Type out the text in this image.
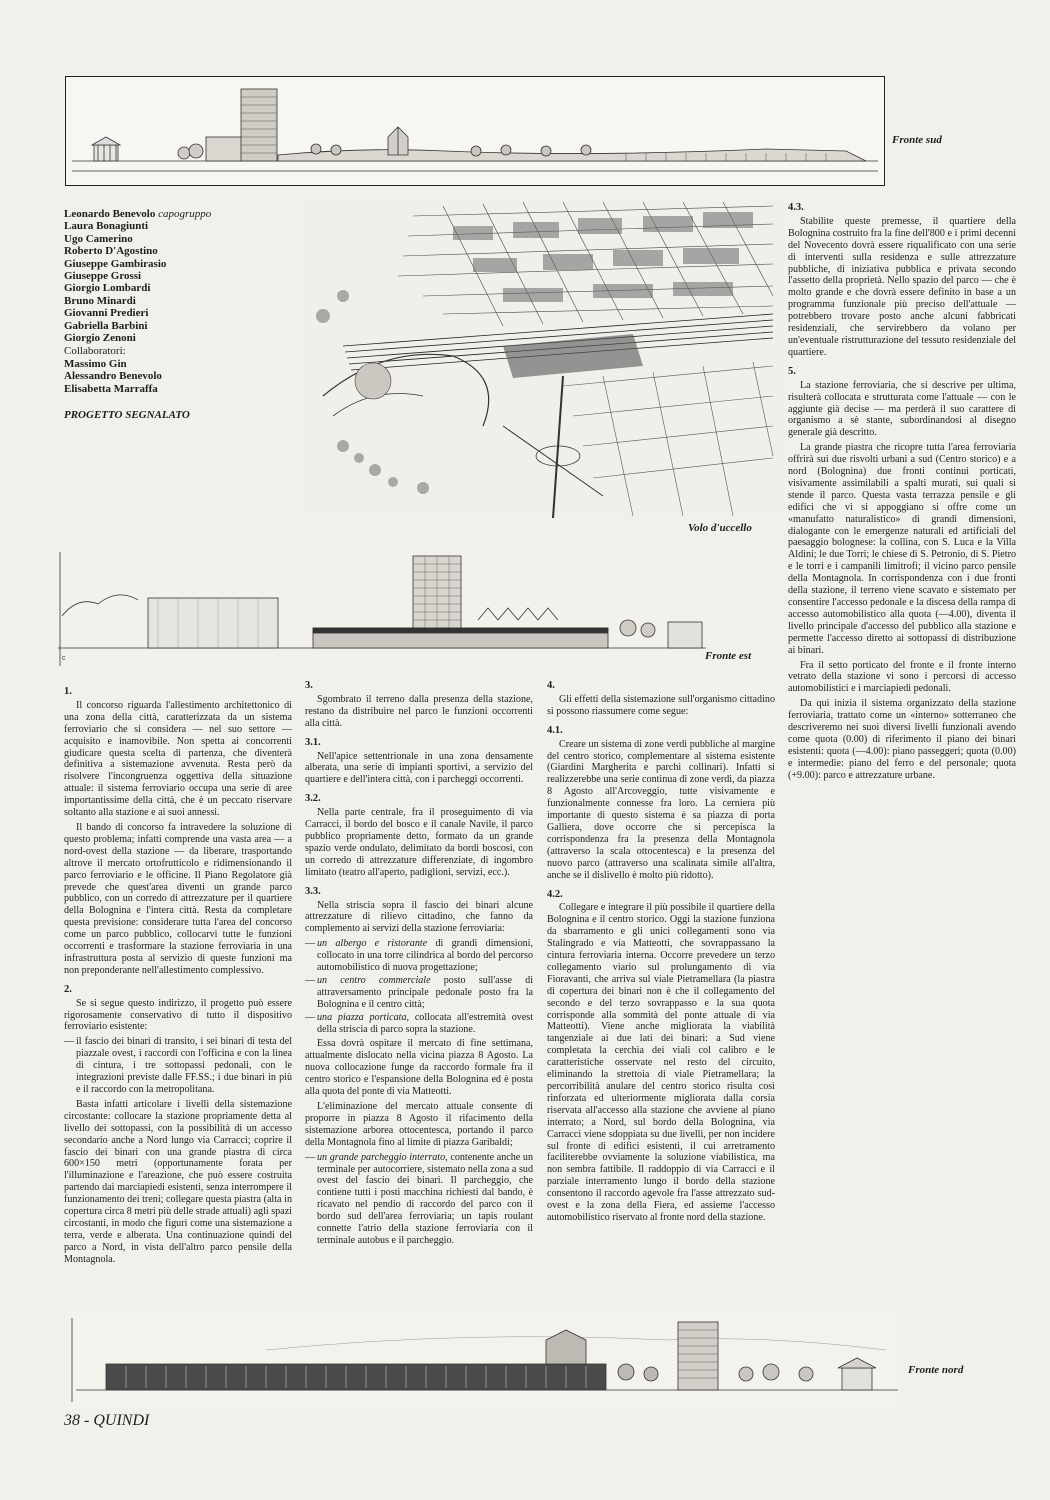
Fronte sud
Leonardo Benevolo capogruppo
Laura Bonagiunti
Ugo Camerino
Roberto D'Agostino
Giuseppe Gambirasio
Giuseppe Grossi
Giorgio Lombardi
Bruno Minardi
Giovanni Predieri
Gabriella Barbini
Giorgio Zenoni
Collaboratori:
Massimo Gin
Alessandro Benevolo
Elisabetta Marraffa
PROGETTO SEGNALATO
Volo d'uccello
c	Fronte est
1.

Il concorso riguarda l'allestimento architettonico di una zona della città, caratterizzata da un sistema ferroviario che si considera — nel suo settore — acquisito e inamovibile. Non spetta ai concorrenti giudicare questa scelta di partenza, che diventerà definitiva a sistemazione avvenuta. Resta però da risolvere l'incongruenza oggettiva della situazione attuale: il sistema ferroviario occupa una serie di aree importantissime della città, che è un peccato riservare soltanto alla stazione e ai suoi annessi.

Il bando di concorso fa intravedere la soluzione di questo problema; infatti comprende una vasta area — a nord-ovest della stazione — da liberare, trasportando altrove il mercato ortofrutticolo e ridimensionando il parco ferroviario e le officine. Il Piano Regolatore già prevede che quest'area diventi un grande parco pubblico, con un corredo di attrezzature per il quartiere della Bolognina e l'intera città. Resta da completare questa previsione: considerare tutta l'area del concorso come un parco pubblico, collocarvi tutte le funzioni occorrenti e trasformare la stazione ferroviaria in una infrastruttura posta al servizio di queste funzioni ma non preponderante nell'allestimento complessivo.

2.

Se si segue questo indirizzo, il progetto può essere rigorosamente conservativo di tutto il dispositivo ferroviario esistente:

— il fascio dei binari di transito, i sei binari di testa del piazzale ovest, i raccordi con l'officina e con la linea di cintura, i tre sottopassi pedonali, con le integrazioni previste dalle FF.SS.; i due binari in più e il raccordo con la metropolitana.

Basta infatti articolare i livelli della sistemazione circostante: collocare la stazione propriamente detta al livello dei sottopassi, con la possibilità di un accesso secondario anche a Nord lungo via Carracci; coprire il fascio dei binari con una grande piastra di circa 600×150 metri (opportunamente forata per l'illuminazione e l'areazione, che può essere costruita partendo dai marciapiedi esistenti, senza interrompere il funzionamento dei treni; collegare questa piastra (alta in copertura circa 8 metri più delle strade attuali) agli spazi circostanti, in modo che figuri come una sistemazione a terra, verde e alberata. Una continuazione quindi del parco a Nord, in vista dell'altro parco pensile della Montagnola.

3.

Sgombrato il terreno dalla presenza della stazione, restano da distribuire nel parco le funzioni occorrenti alla città.

3.1.

Nell'apice settentrionale in una zona densamente alberata, una serie di impianti sportivi, a servizio del quartiere e dell'intera città, con i parcheggi occorrenti.

3.2.

Nella parte centrale, fra il proseguimento di via Carracci, il bordo del bosco e il canale Navile, il parco pubblico propriamente detto, formato da un grande spazio verde ondulato, delimitato da bordi boscosi, con un corredo di attrezzature differenziate, di ingombro limitato (teatro all'aperto, padiglioni, servizi, ecc.).

3.3.

Nella striscia sopra il fascio dei binari alcune attrezzature di rilievo cittadino, che fanno da complemento ai servizi della stazione ferroviaria:

— un albergo e ristorante di grandi dimensioni, collocato in una torre cilindrica al bordo del percorso automobilistico di nuova progettazione;
— un centro commerciale posto sull'asse di attraversamento principale pedonale posto fra la Bolognina e il centro città;
— una piazza porticata, collocata all'estremità ovest della striscia di parco sopra la stazione.

Essa dovrà ospitare il mercato di fine settimana, attualmente dislocato nella vicina piazza 8 Agosto. La nuova collocazione funge da raccordo formale fra il centro storico e l'espansione della Bolognina ed è posta alla quota del ponte di via Matteotti.

L'eliminazione del mercato attuale consente di proporre in piazza 8 Agosto il rifacimento della sistemazione arborea ottocentesca, portando il parco della Montagnola fino al limite di piazza Garibaldi;

— un grande parcheggio interrato, contenente anche un terminale per autocorriere, sistemato nella zona a sud ovest del fascio dei binari. Il parcheggio, che contiene tutti i posti macchina richiesti dal bando, è ricavato nel pendio di raccordo del parco con il bordo sud dell'area ferroviaria; un tapis roulant connette l'atrio della stazione ferroviaria con il terminale autobus e il parcheggio.
4.

Gli effetti della sistemazione sull'organismo cittadino si possono riassumere come segue:

4.1.

Creare un sistema di zone verdi pubbliche al margine del centro storico, complementare al sistema esistente (Giardini Margherita e parchi collinari). Infatti si realizzerebbe una serie continua di zone verdi, da piazza 8 Agosto all'Arcoveggio, tutte visivamente e funzionalmente connesse fra loro. La cerniera più importante di questo sistema è sa piazza di porta Galliera, dove occorre che si percepisca la corrispondenza fra la presenza della Montagnola (attraverso la scala ottocentesca) e la presenza del nuovo parco (attraverso una scalinata simile all'altra, anche se il dislivello è molto più ridotto).

4.2.

Collegare e integrare il più possibile il quartiere della Bolognina e il centro storico. Oggi la stazione funziona da sbarramento e gli unici collegamenti sono via Stalingrado e via Matteotti, che sovrappassano la cintura ferroviaria interna. Occorre prevedere un terzo collegamento viario sul prolungamento di via Fioravanti, che arriva sul viale Pietramellara (la piastra di copertura dei binari non è che il collegamento del secondo e del terzo sovrappasso e la sua quota corrisponde alla sommità del ponte attuale di via Matteotti). Viene anche migliorata la viabilità tangenziale ai due lati dei binari: a Sud viene completata la cerchia dei viali col calibro e le caratteristiche osservate nel resto del circuito, eliminando la strettoia di viale Pietramellara; la percorribilità anulare del centro storico risulta così rinforzata ed ulteriormente migliorata dalla corsia riservata all'accesso alla stazione che avviene al piano interrato; a Nord, sul bordo della Bolognina, via Carracci viene sdoppiata su due livelli, per non incidere sul fronte di edifici esistenti, il cui arretramento faciliterebbe ovviamente la soluzione viabilistica, ma non sembra fattibile. Il raddoppio di via Carracci e il parziale interramento lungo il bordo della stazione consentono il raccordo agevole fra l'asse attrezzato sud-ovest e la zona della Fiera, ed assieme l'accesso automobilistico riservato al fronte nord della stazione.

4.3.

Stabilite queste premesse, il quartiere della Bolognina costruito fra la fine dell'800 e i primi decenni del Novecento dovrà essere riqualificato con una serie di interventi sulla residenza e sulle attrezzature pubbliche, di iniziativa pubblica e privata secondo l'assetto della proprietà. Nello spazio del parco — che è molto grande e che dovrà essere definito in base a un programma funzionale più preciso dell'attuale — potrebbero trovare posto anche alcuni fabbricati residenziali, che servirebbero da volano per un'eventuale ristrutturazione del tessuto residenziale del quartiere.

5.

La stazione ferroviaria, che si descrive per ultima, risulterà collocata e strutturata come l'attuale — con le aggiunte già decise — ma perderà il suo carattere di organismo a sè stante, subordinandosi al disegno generale già descritto.

La grande piastra che ricopre tutta l'area ferroviaria offrirà sui due risvolti urbani a sud (Centro storico) e a nord (Bolognina) due fronti continui porticati, visivamente assimilabili a spalti murati, sui quali si stende il parco. Questa vasta terrazza pensile e gli edifici che vi si appoggiano si offre come un «manufatto naturalistico» di grandi dimensioni, dialogante con le emergenze naturali ed artificiali del paesaggio bolognese: la collina, con S. Luca e la Villa Aldini; le due Torri; le chiese di S. Petronio, di S. Pietro e le torri e i campanili limitrofi; il vicino parco pensile della Montagnola. In corrispondenza con i due fronti della stazione, il terreno viene scavato e sistemato per consentire l'accesso pedonale e la discesa della rampa di accesso automobilistico alla quota (—4.00), diventa il livello principale d'accesso del pubblico alla stazione e permette l'accesso diretto ai sottopassi di distribuzione ai binari.

Fra il setto porticato del fronte e il fronte interno vetrato della stazione vi sono i percorsi di accesso automobilistici e i marciapiedi pedonali.

Da qui inizia il sistema organizzato della stazione ferroviaria, trattato come un «interno» sotterraneo che descriveremo nei suoi diversi livelli funzionali avendo come quota (0.00) di riferimento il piano dei binari esistenti: quota (—4.00): piano passeggeri; quota (0.00) e intermedie: piano del ferro e del personale; quota (+9.00): parco e attrezzature urbane.

Fronte nord
38 - QUINDI
